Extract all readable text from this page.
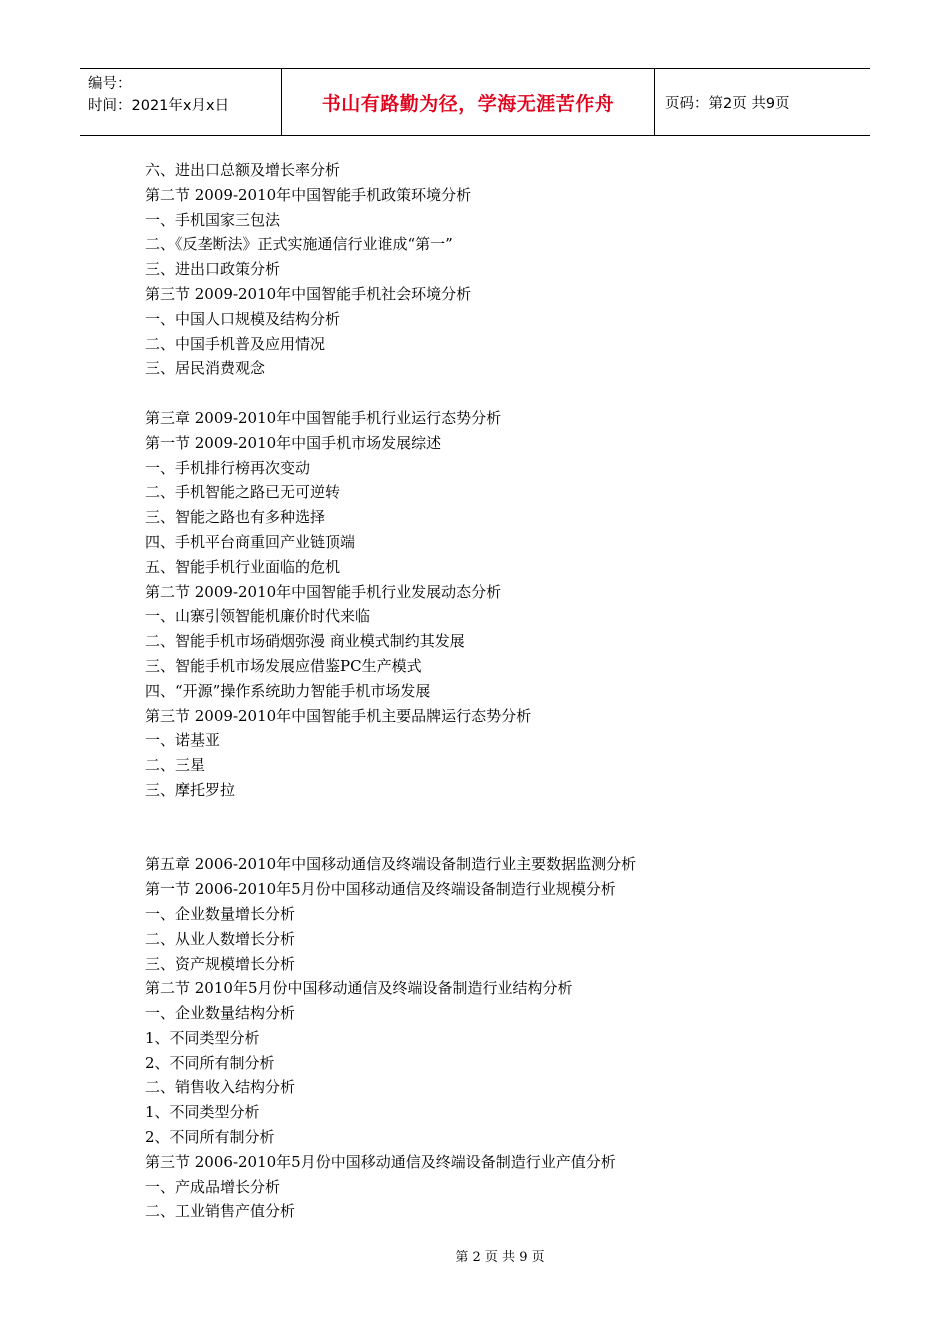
编号：
时间：2021年x月x日	书山有路勤为径，学海无涯苦作舟	页码：第2页 共9页
六、进出口总额及增长率分析
第二节 2009-2010年中国智能手机政策环境分析
一、手机国家三包法
二、《反垄断法》正式实施通信行业谁成“第一”
三、进出口政策分析
第三节 2009-2010年中国智能手机社会环境分析
一、中国人口规模及结构分析
二、中国手机普及应用情况
三、居民消费观念
第三章 2009-2010年中国智能手机行业运行态势分析
第一节 2009-2010年中国手机市场发展综述
一、手机排行榜再次变动
二、手机智能之路已无可逆转
三、智能之路也有多种选择
四、手机平台商重回产业链顶端
五、智能手机行业面临的危机
第二节 2009-2010年中国智能手机行业发展动态分析
一、山寨引领智能机廉价时代来临
二、智能手机市场硝烟弥漫 商业模式制约其发展
三、智能手机市场发展应借鉴PC生产模式
四、“开源”操作系统助力智能手机市场发展
第三节 2009-2010年中国智能手机主要品牌运行态势分析
一、诺基亚
二、三星
三、摩托罗拉
第五章 2006-2010年中国移动通信及终端设备制造行业主要数据监测分析
第一节 2006-2010年5月份中国移动通信及终端设备制造行业规模分析
一、企业数量增长分析
二、从业人数增长分析
三、资产规模增长分析
第二节 2010年5月份中国移动通信及终端设备制造行业结构分析
一、企业数量结构分析
1、不同类型分析
2、不同所有制分析
二、销售收入结构分析
1、不同类型分析
2、不同所有制分析
第三节 2006-2010年5月份中国移动通信及终端设备制造行业产值分析
一、产成品增长分析
二、工业销售产值分析
第 2 页 共 9 页
